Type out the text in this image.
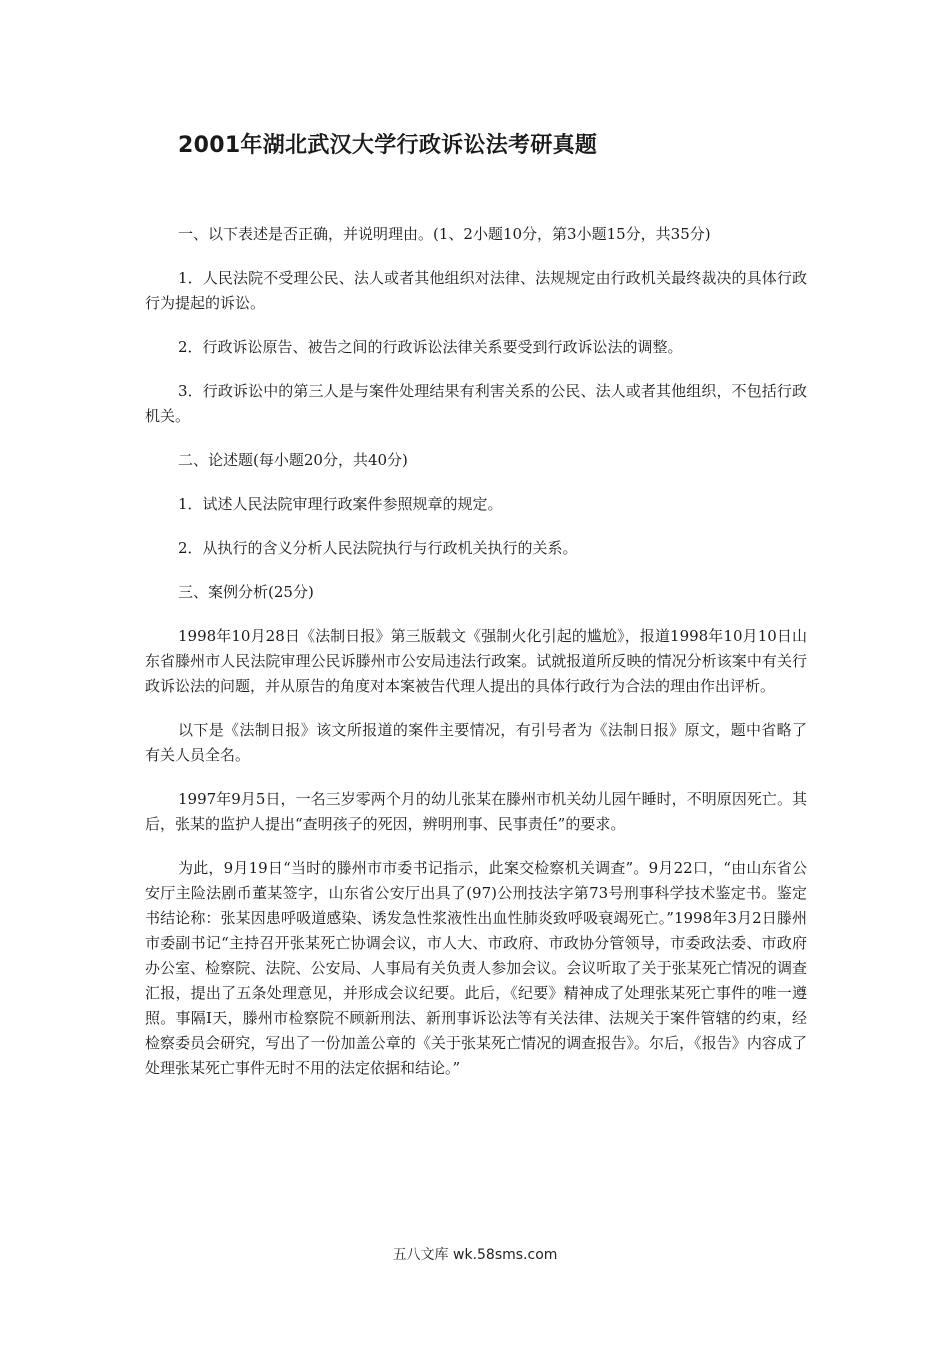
2001年湖北武汉大学行政诉讼法考研真题

一、以下表述是否正确，并说明理由。(1、2小题10分，第3小题15分，共35分)

1．人民法院不受理公民、法人或者其他组织对法律、法规规定由行政机关最终裁决的具体行政行为提起的诉讼。

2．行政诉讼原告、被告之间的行政诉讼法律关系要受到行政诉讼法的调整。

3．行政诉讼中的第三人是与案件处理结果有利害关系的公民、法人或者其他组织，不包括行政机关。

二、论述题(每小题20分，共40分)

1．试述人民法院审理行政案件参照规章的规定。

2．从执行的含义分析人民法院执行与行政机关执行的关系。

三、案例分析(25分)

1998年10月28日《法制日报》第三版载文《强制火化引起的尴尬》，报道1998年10月10日山东省滕州市人民法院审理公民诉滕州市公安局违法行政案。试就报道所反映的情况分析该案中有关行政诉讼法的问题，并从原告的角度对本案被告代理人提出的具体行政行为合法的理由作出评析。

以下是《法制日报》该文所报道的案件主要情况，有引号者为《法制日报》原文，题中省略了有关人员全名。

1997年9月5日，一名三岁零两个月的幼儿张某在滕州市机关幼儿园午睡时，不明原因死亡。其后，张某的监护人提出“查明孩子的死因，辨明刑事、民事责任”的要求。

为此，9月19日“当时的滕州市市委书记指示，此案交检察机关调查”。9月22口，“由山东省公安厅主险法剧币董某签字，山东省公安厅出具了(97)公刑技法字第73号刑事科学技术鉴定书。鉴定书结论称：张某因患呼吸道感染、诱发急性浆液性出血性肺炎致呼吸衰竭死亡。”1998年3月2日滕州市委副书记“主持召开张某死亡协调会议，市人大、市政府、市政协分管领导，市委政法委、市政府办公室、检察院、法院、公安局、人事局有关负责人参加会议。会议听取了关于张某死亡情况的调查汇报，提出了五条处理意见，并形成会议纪要。此后，《纪要》精神成了处理张某死亡事件的唯一遵照。事隔Ⅰ天，滕州市检察院不顾新刑法、新刑事诉讼法等有关法律、法规关于案件管辖的约束，经检察委员会研究，写出了一份加盖公章的《关于张某死亡情况的调查报告》。尔后，《报告》内容成了处理张某死亡事件无时不用的法定依据和结论。”

五八文库 wk.58sms.com
